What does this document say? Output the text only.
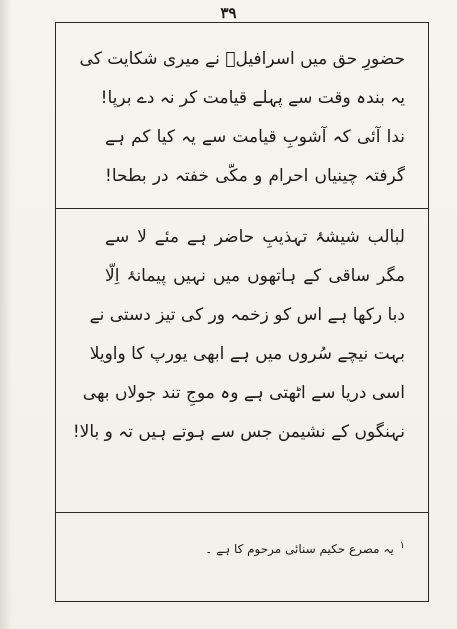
۳۹
حضورِ حق میں اسرافیلؑ نے میری شکایت کی
یہ بندہ وقت سے پہلے قیامت کر نہ دے برپا!
ندا آئی کہ آشوبِ قیامت سے یہ کیا کم ہے
گرفتہ چینیاں احرام و مکّی خفتہ در بطحا!
لبالب شیشۂ تہذیبِ حاضر ہے مئے لا سے
مگر ساقی کے ہاتھوں میں نہیں پیمانۂ اِلّا
دبا رکھا ہے اس کو زخمہ ور کی تیز دستی نے
بہت نیچے سُروں میں ہے ابھی یورپ کا واویلا
اسی دریا سے اٹھتی ہے وہ موجِ تند جولاں بھی
نہنگوں کے نشیمن جس سے ہوتے ہیں تہ و بالا!
$^۱$ یہ مصرع حکیم سنائی مرحوم کا ہے ۔
